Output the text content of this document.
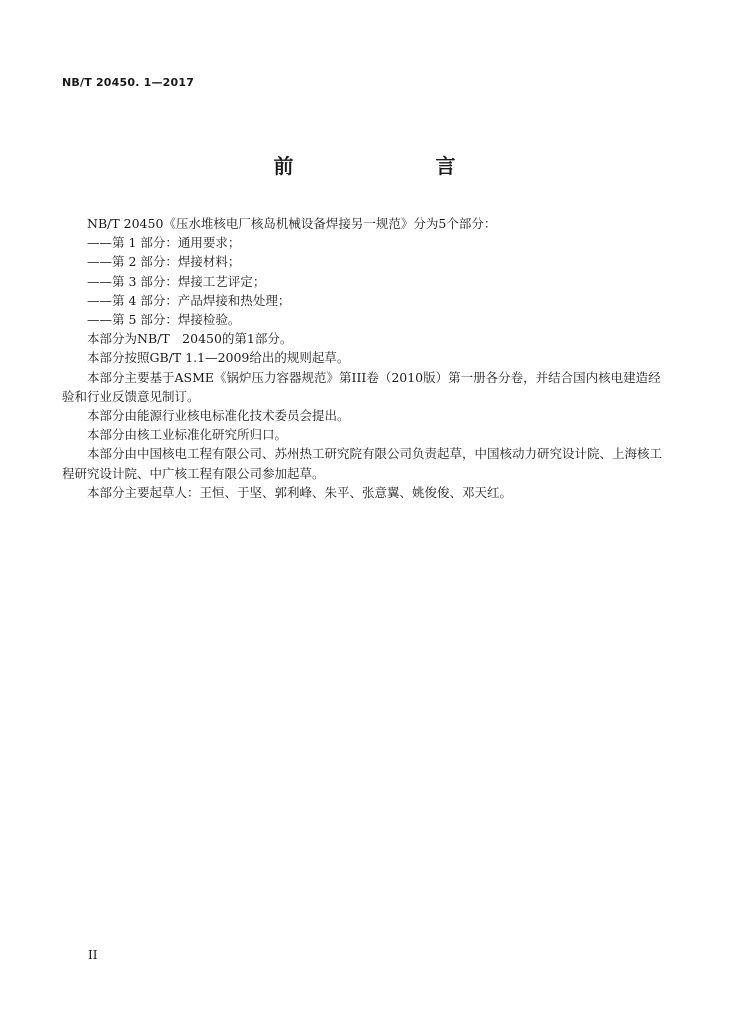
NB/T 20450. 1—2017
前　　言

NB/T 20450《压水堆核电厂核岛机械设备焊接另一规范》分为5个部分：

——第 1 部分：通用要求；

——第 2 部分：焊接材料；

——第 3 部分：焊接工艺评定；

——第 4 部分：产品焊接和热处理；

——第 5 部分：焊接检验。

本部分为NB/T　20450的第1部分。

本部分按照GB/T 1.1—2009给出的规则起草。

本部分主要基于ASME《锅炉压力容器规范》第III卷（2010版）第一册各分卷，并结合国内核电建造经验和行业反馈意见制订。

本部分由能源行业核电标准化技术委员会提出。

本部分由核工业标准化研究所归口。

本部分由中国核电工程有限公司、苏州热工研究院有限公司负责起草，中国核动力研究设计院、上海核工程研究设计院、中广核工程有限公司参加起草。

本部分主要起草人：王恒、于坚、郭利峰、朱平、张意翼、姚俊俊、邓天红。

II
